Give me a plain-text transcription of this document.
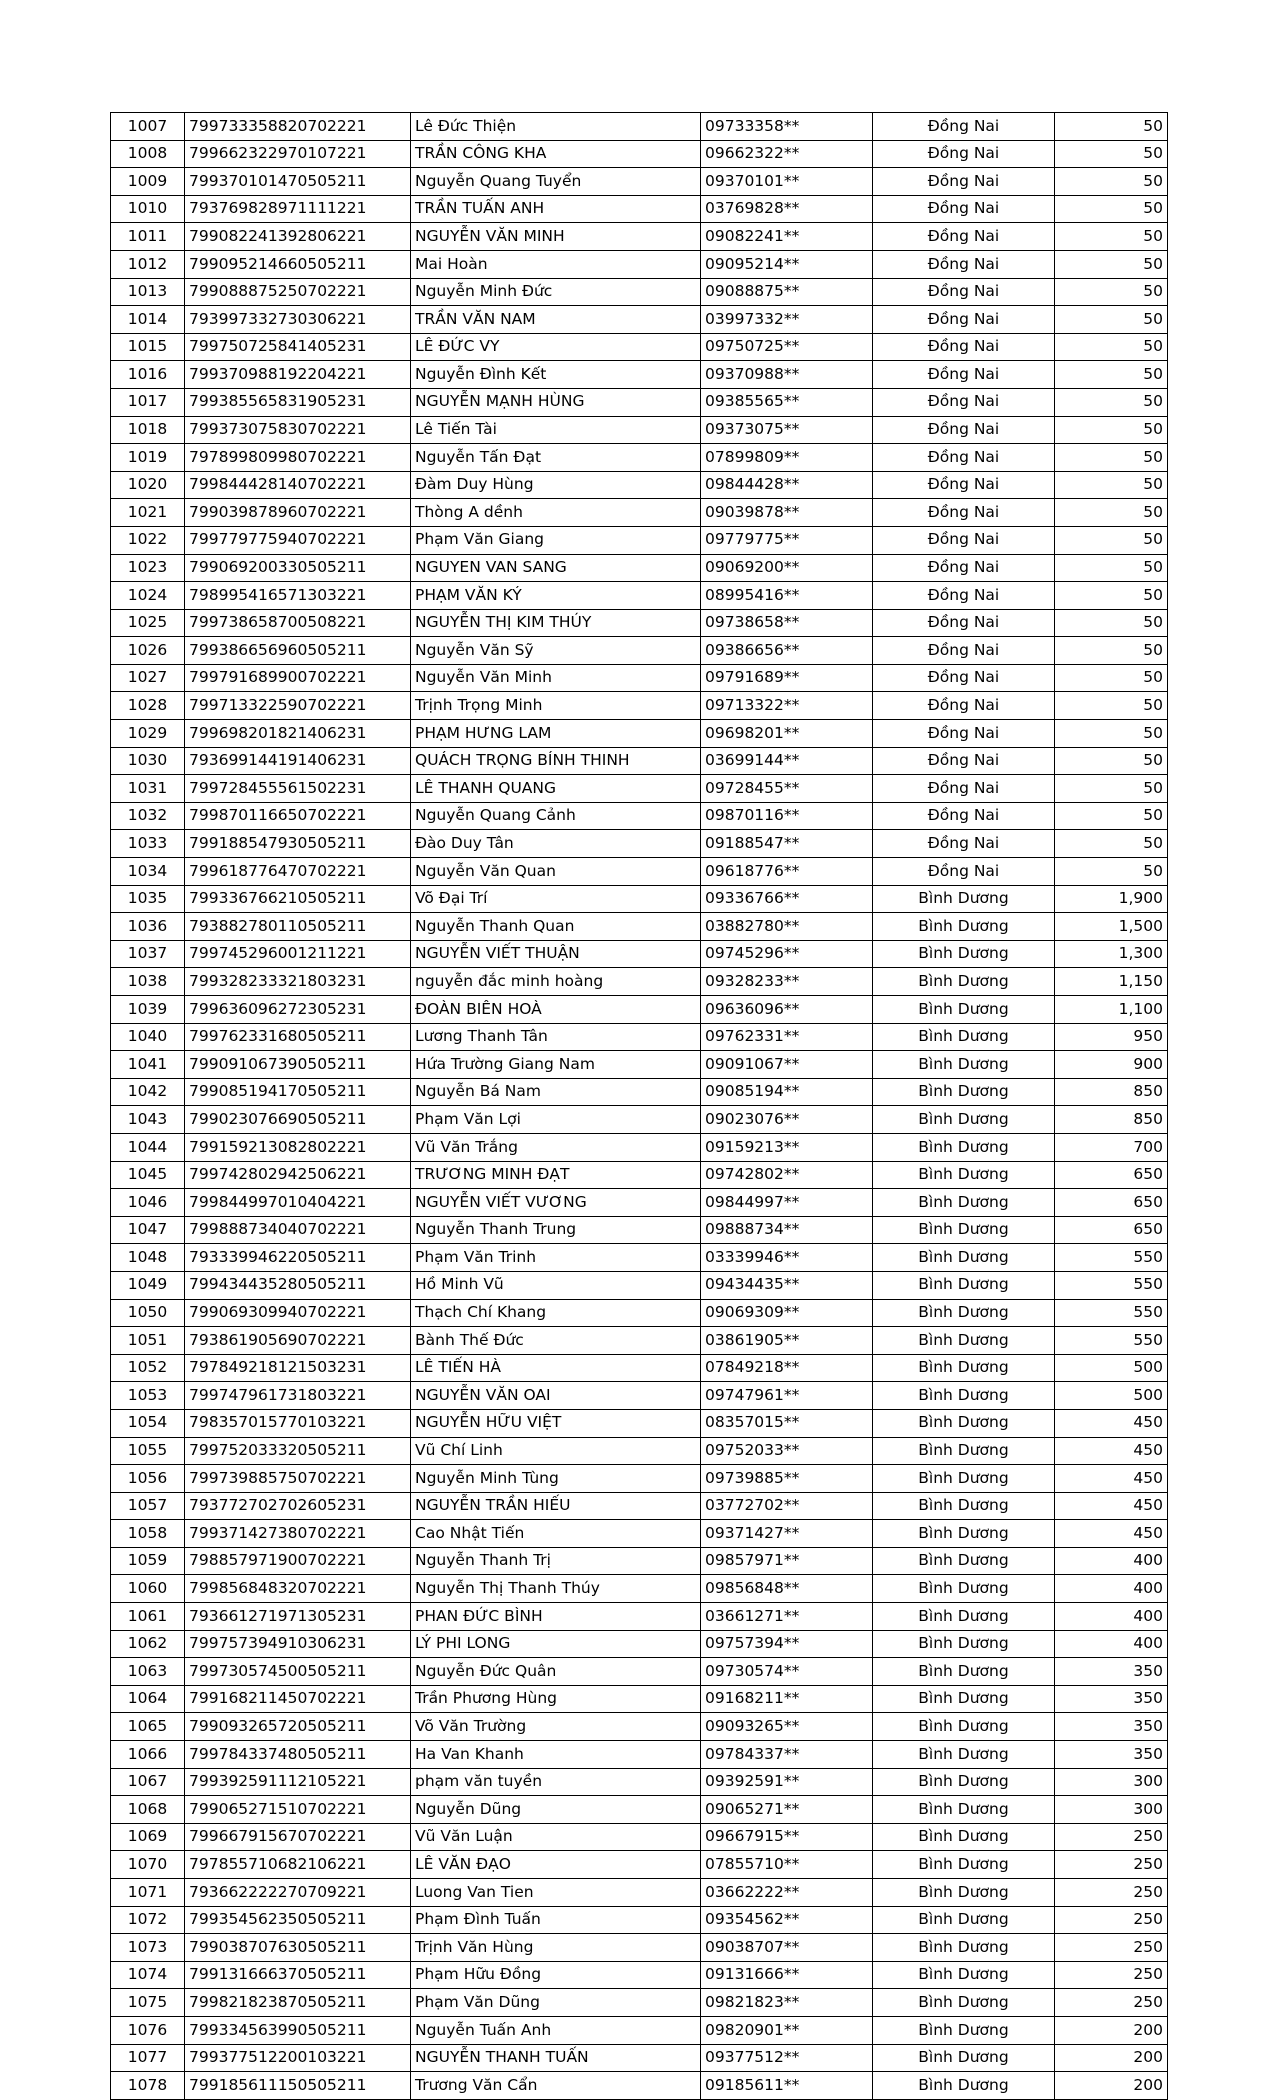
1007	799733358820702221	Lê Đức Thiện	09733358**	Đồng Nai	50
1008	799662322970107221	TRẦN CÔNG KHA	09662322**	Đồng Nai	50
1009	799370101470505211	Nguyễn Quang Tuyển	09370101**	Đồng Nai	50
1010	793769828971111221	TRẦN TUẤN ANH	03769828**	Đồng Nai	50
1011	799082241392806221	NGUYỄN VĂN MINH	09082241**	Đồng Nai	50
1012	799095214660505211	Mai Hoàn	09095214**	Đồng Nai	50
1013	799088875250702221	Nguyễn Minh Đức	09088875**	Đồng Nai	50
1014	793997332730306221	TRẦN VĂN NAM	03997332**	Đồng Nai	50
1015	799750725841405231	LÊ ĐỨC VY	09750725**	Đồng Nai	50
1016	799370988192204221	Nguyễn Đình Kết	09370988**	Đồng Nai	50
1017	799385565831905231	NGUYỄN MẠNH HÙNG	09385565**	Đồng Nai	50
1018	799373075830702221	Lê Tiến Tài	09373075**	Đồng Nai	50
1019	797899809980702221	Nguyễn Tấn Đạt	07899809**	Đồng Nai	50
1020	799844428140702221	Đàm Duy Hùng	09844428**	Đồng Nai	50
1021	799039878960702221	Thòng A dềnh	09039878**	Đồng Nai	50
1022	799779775940702221	Phạm Văn Giang	09779775**	Đồng Nai	50
1023	799069200330505211	NGUYEN VAN SANG	09069200**	Đồng Nai	50
1024	798995416571303221	PHẠM VĂN KÝ	08995416**	Đồng Nai	50
1025	799738658700508221	NGUYỄN THỊ KIM THÚY	09738658**	Đồng Nai	50
1026	799386656960505211	Nguyễn Văn Sỹ	09386656**	Đồng Nai	50
1027	799791689900702221	Nguyễn Văn Minh	09791689**	Đồng Nai	50
1028	799713322590702221	Trịnh Trọng Minh	09713322**	Đồng Nai	50
1029	799698201821406231	PHẠM HƯNG LAM	09698201**	Đồng Nai	50
1030	793699144191406231	QUÁCH TRỌNG BÍNH THINH	03699144**	Đồng Nai	50
1031	799728455561502231	LÊ THANH QUANG	09728455**	Đồng Nai	50
1032	799870116650702221	Nguyễn Quang Cảnh	09870116**	Đồng Nai	50
1033	799188547930505211	Đào Duy Tân	09188547**	Đồng Nai	50
1034	799618776470702221	Nguyễn Văn Quan	09618776**	Đồng Nai	50
1035	799336766210505211	Võ Đại Trí	09336766**	Bình Dương	1,900
1036	793882780110505211	Nguyễn Thanh Quan	03882780**	Bình Dương	1,500
1037	799745296001211221	NGUYỄN VIẾT THUẬN	09745296**	Bình Dương	1,300
1038	799328233321803231	nguyễn đắc minh hoàng	09328233**	Bình Dương	1,150
1039	799636096272305231	ĐOÀN BIÊN HOÀ	09636096**	Bình Dương	1,100
1040	799762331680505211	Lương Thanh Tân	09762331**	Bình Dương	950
1041	799091067390505211	Hứa Trường Giang Nam	09091067**	Bình Dương	900
1042	799085194170505211	Nguyễn Bá Nam	09085194**	Bình Dương	850
1043	799023076690505211	Phạm Văn Lợi	09023076**	Bình Dương	850
1044	799159213082802221	Vũ Văn Trắng	09159213**	Bình Dương	700
1045	799742802942506221	TRƯƠNG MINH ĐẠT	09742802**	Bình Dương	650
1046	799844997010404221	NGUYỄN VIẾT VƯƠNG	09844997**	Bình Dương	650
1047	799888734040702221	Nguyễn Thanh Trung	09888734**	Bình Dương	650
1048	793339946220505211	Phạm Văn Trinh	03339946**	Bình Dương	550
1049	799434435280505211	Hồ Minh Vũ	09434435**	Bình Dương	550
1050	799069309940702221	Thạch Chí Khang	09069309**	Bình Dương	550
1051	793861905690702221	Bành Thế Đức	03861905**	Bình Dương	550
1052	797849218121503231	LÊ TIẾN HÀ	07849218**	Bình Dương	500
1053	799747961731803221	NGUYỄN VĂN OAI	09747961**	Bình Dương	500
1054	798357015770103221	NGUYỄN HỮU VIỆT	08357015**	Bình Dương	450
1055	799752033320505211	Vũ Chí Linh	09752033**	Bình Dương	450
1056	799739885750702221	Nguyễn Minh Tùng	09739885**	Bình Dương	450
1057	793772702702605231	NGUYỄN TRẦN HIẾU	03772702**	Bình Dương	450
1058	799371427380702221	Cao Nhật Tiến	09371427**	Bình Dương	450
1059	798857971900702221	Nguyễn Thanh Trị	09857971**	Bình Dương	400
1060	799856848320702221	Nguyễn Thị Thanh Thúy	09856848**	Bình Dương	400
1061	793661271971305231	PHAN ĐỨC BÌNH	03661271**	Bình Dương	400
1062	799757394910306231	LÝ PHI LONG	09757394**	Bình Dương	400
1063	799730574500505211	Nguyễn Đức Quân	09730574**	Bình Dương	350
1064	799168211450702221	Trần Phương Hùng	09168211**	Bình Dương	350
1065	799093265720505211	Võ Văn Trường	09093265**	Bình Dương	350
1066	799784337480505211	Ha Van Khanh	09784337**	Bình Dương	350
1067	799392591112105221	phạm văn tuyền	09392591**	Bình Dương	300
1068	799065271510702221	Nguyễn Dũng	09065271**	Bình Dương	300
1069	799667915670702221	Vũ Văn Luận	09667915**	Bình Dương	250
1070	797855710682106221	LÊ VĂN ĐẠO	07855710**	Bình Dương	250
1071	793662222270709221	Luong Van Tien	03662222**	Bình Dương	250
1072	799354562350505211	Phạm Đình Tuấn	09354562**	Bình Dương	250
1073	799038707630505211	Trịnh Văn Hùng	09038707**	Bình Dương	250
1074	799131666370505211	Phạm Hữu Đồng	09131666**	Bình Dương	250
1075	799821823870505211	Phạm Văn Dũng	09821823**	Bình Dương	250
1076	799334563990505211	Nguyễn Tuấn Anh	09820901**	Bình Dương	200
1077	799377512200103221	NGUYỄN THANH TUẤN	09377512**	Bình Dương	200
1078	799185611150505211	Trương Văn Cẩn	09185611**	Bình Dương	200
